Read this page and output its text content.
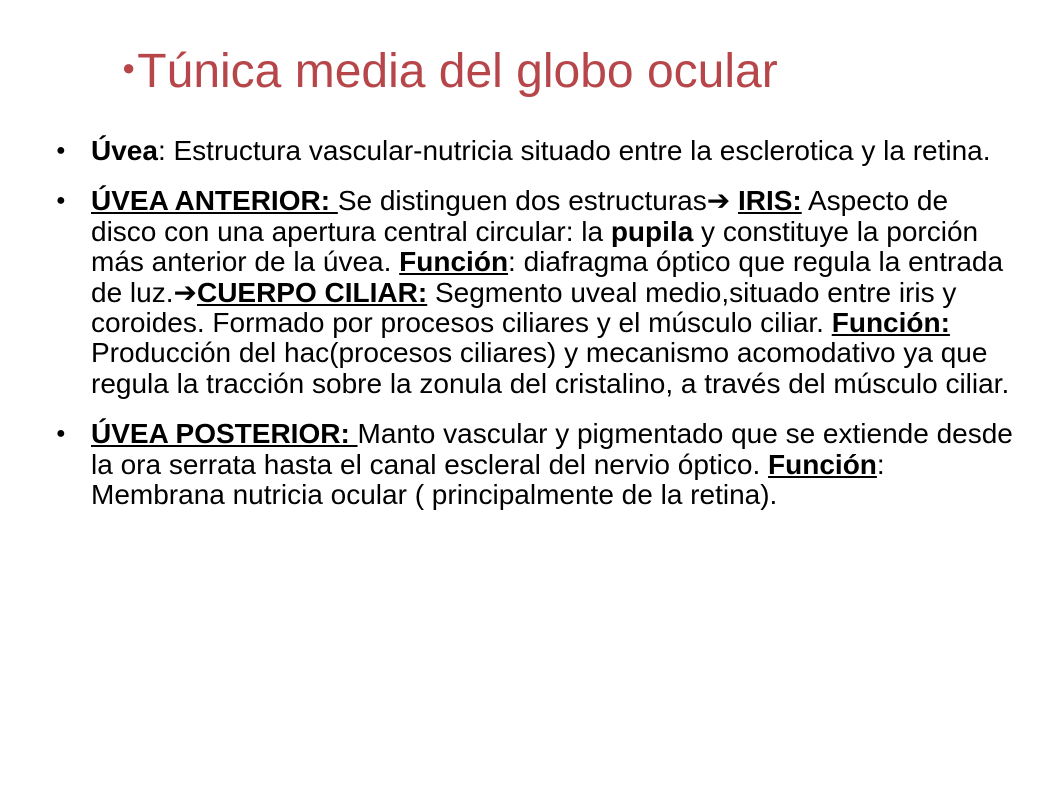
●Túnica media del globo ocular
● Úvea: Estructura vascular-nutricia situado entre la esclerotica y la retina.
● ÚVEA ANTERIOR: Se distinguen dos estructuras➔ IRIS: Aspecto de disco con una apertura central circular: la pupila y constituye la porción más anterior de la úvea. Función: diafragma óptico que regula la entrada de luz.➔CUERPO CILIAR: Segmento uveal medio,situado entre iris y coroides. Formado por procesos ciliares y el músculo ciliar. Función: Producción del hac(procesos ciliares) y mecanismo acomodativo ya que regula la tracción sobre la zonula del cristalino, a través del músculo ciliar.
● ÚVEA POSTERIOR: Manto vascular y pigmentado que se extiende desde la ora serrata hasta el canal escleral del nervio óptico. Función: Membrana nutricia ocular ( principalmente de la retina).
